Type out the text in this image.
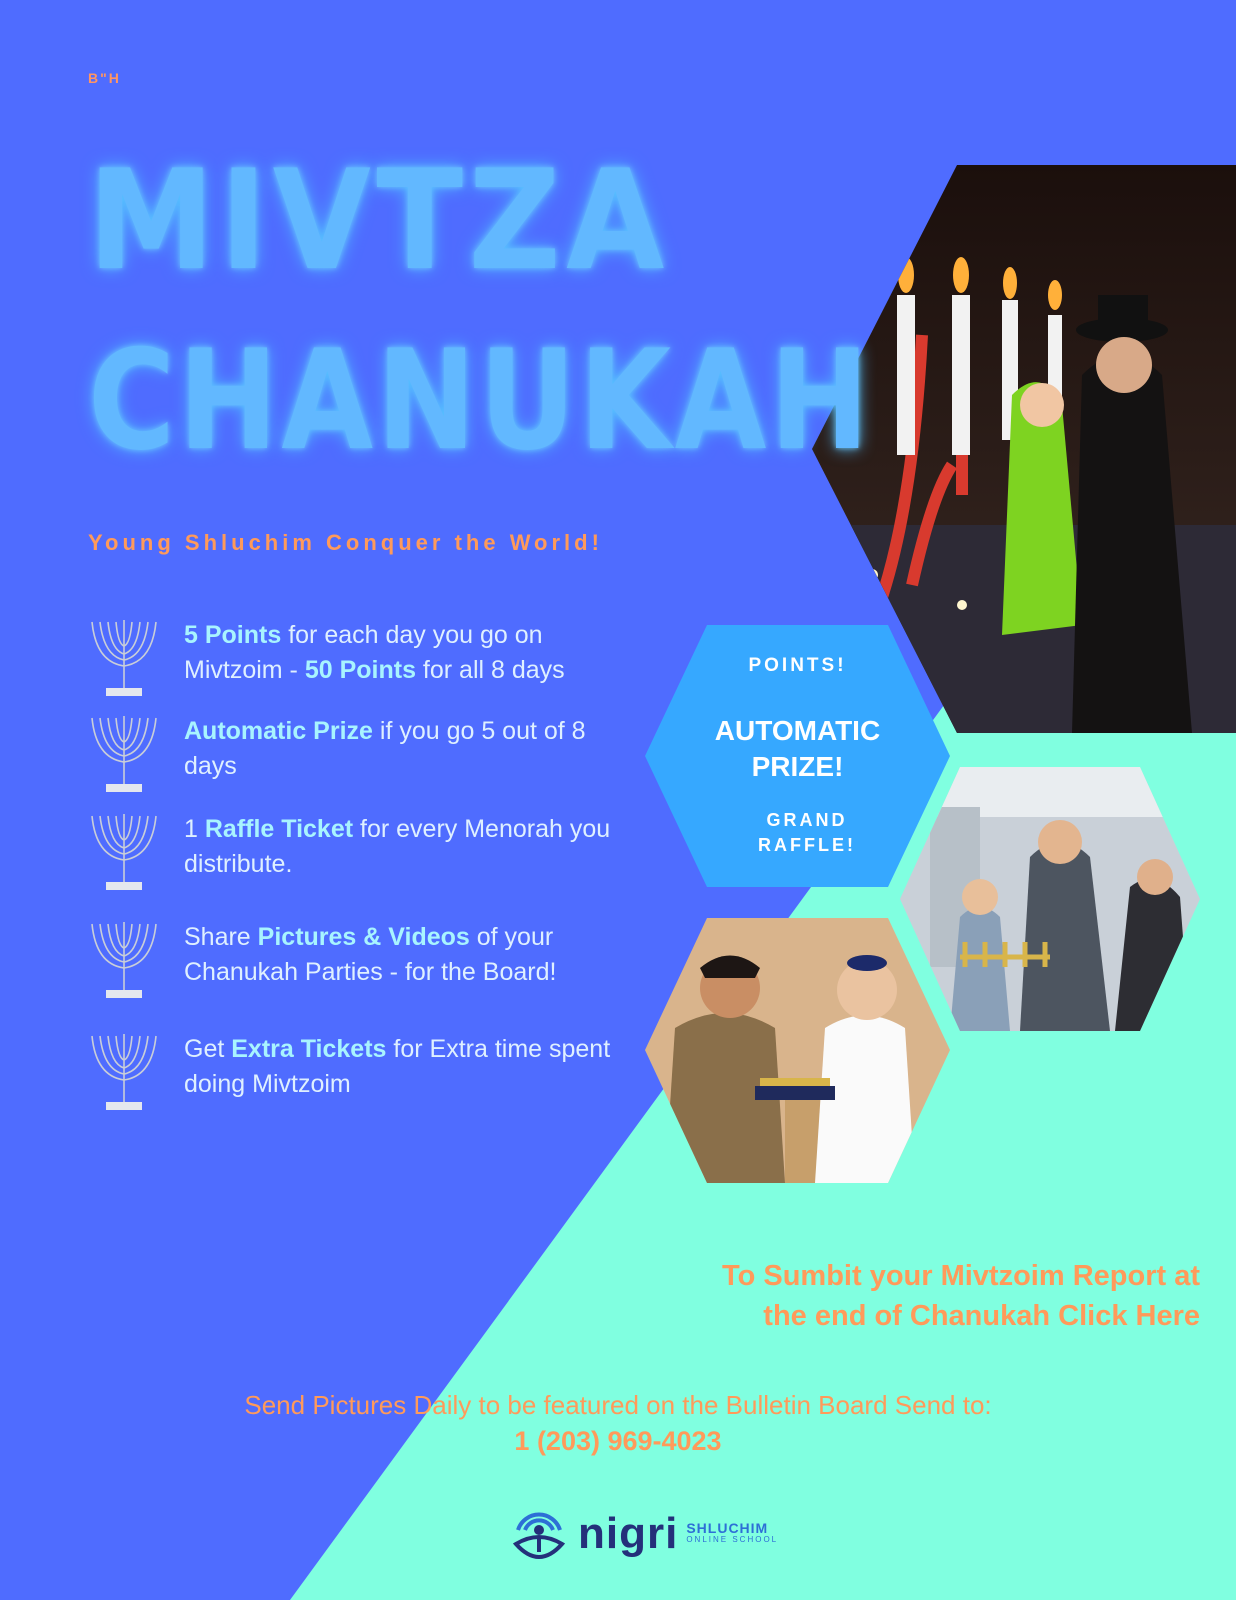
B"H
MIVTZA
CHANUKAH
Young Shluchim Conquer the World!
5 Points for each day you go on Mivtzoim - 50 Points for all 8 days
Automatic Prize if you go 5 out of 8 days
1 Raffle Ticket for every Menorah you distribute.
Share Pictures & Videos of your Chanukah Parties - for the Board!
Get Extra Tickets for Extra time spent doing Mivtzoim
POINTS!
AUTOMATIC
PRIZE!
GRAND
RAFFLE!
To Sumbit your Mivtzoim Report at
the end of Chanukah Click Here
Send Pictures Daily to be featured on the Bulletin Board Send to:
1 (203) 969-4023
nigri SHLUCHIM
ONLINE SCHOOL
